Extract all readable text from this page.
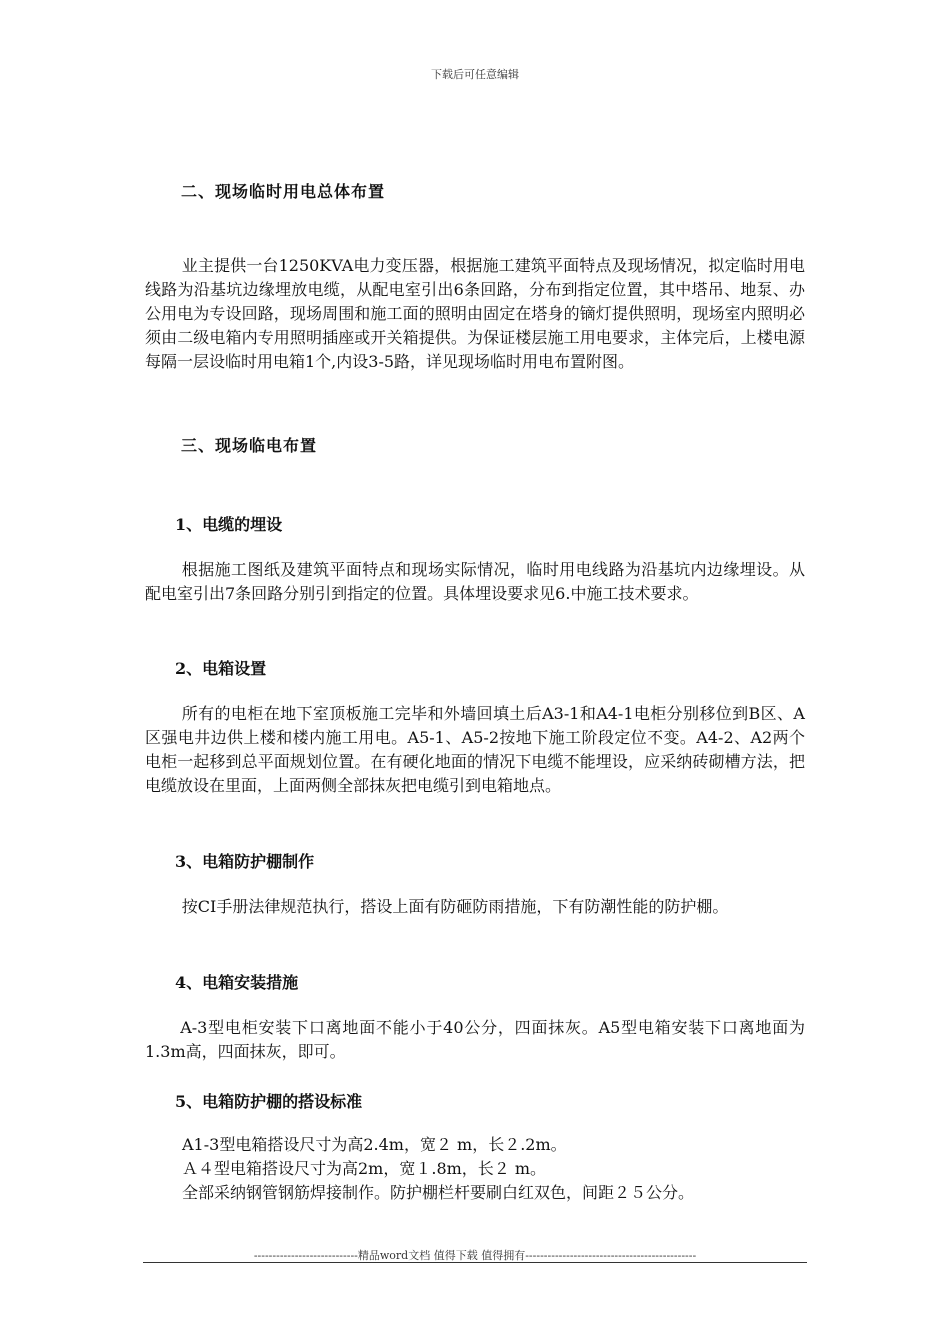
下载后可任意编辑
二、现场临时用电总体布置
业主提供一台1250KVA电力变压器，根据施工建筑平面特点及现场情况，拟定临时用电线路为沿基坑边缘埋放电缆，从配电室引出6条回路，分布到指定位置，其中塔吊、地泵、办公用电为专设回路，现场周围和施工面的照明由固定在塔身的镝灯提供照明，现场室内照明必须由二级电箱内专用照明插座或开关箱提供。为保证楼层施工用电要求，主体完后，上楼电源每隔一层设临时用电箱1个,内设3-5路，详见现场临时用电布置附图。
三、现场临电布置
1、电缆的埋设
根据施工图纸及建筑平面特点和现场实际情况，临时用电线路为沿基坑内边缘埋设。从配电室引出7条回路分别引到指定的位置。具体埋设要求见6.中施工技术要求。
2、电箱设置
所有的电柜在地下室顶板施工完毕和外墙回填土后A3-1和A4-1电柜分别移位到B区、A区强电井边供上楼和楼内施工用电。A5-1、A5-2按地下施工阶段定位不变。A4-2、A2两个电柜一起移到总平面规划位置。在有硬化地面的情况下电缆不能埋设，应采纳砖砌槽方法，把电缆放设在里面，上面两侧全部抹灰把电缆引到电箱地点。
3、电箱防护棚制作
按CI手册法律规范执行，搭设上面有防砸防雨措施，下有防潮性能的防护棚。
4、电箱安装措施
A-3型电柜安装下口离地面不能小于40公分，四面抹灰。A5型电箱安装下口离地面为1.3m高，四面抹灰，即可。
5、电箱防护棚的搭设标准
A1-3型电箱搭设尺寸为高2.4m，宽２ m，长２.2m。
Ａ４型电箱搭设尺寸为高2m，宽１.8m，长２ m。
全部采纳钢管钢筋焊接制作。防护棚栏杆要刷白红双色，间距２５公分。
----------------------------精品word文档 值得下载 值得拥有----------------------------------------------
